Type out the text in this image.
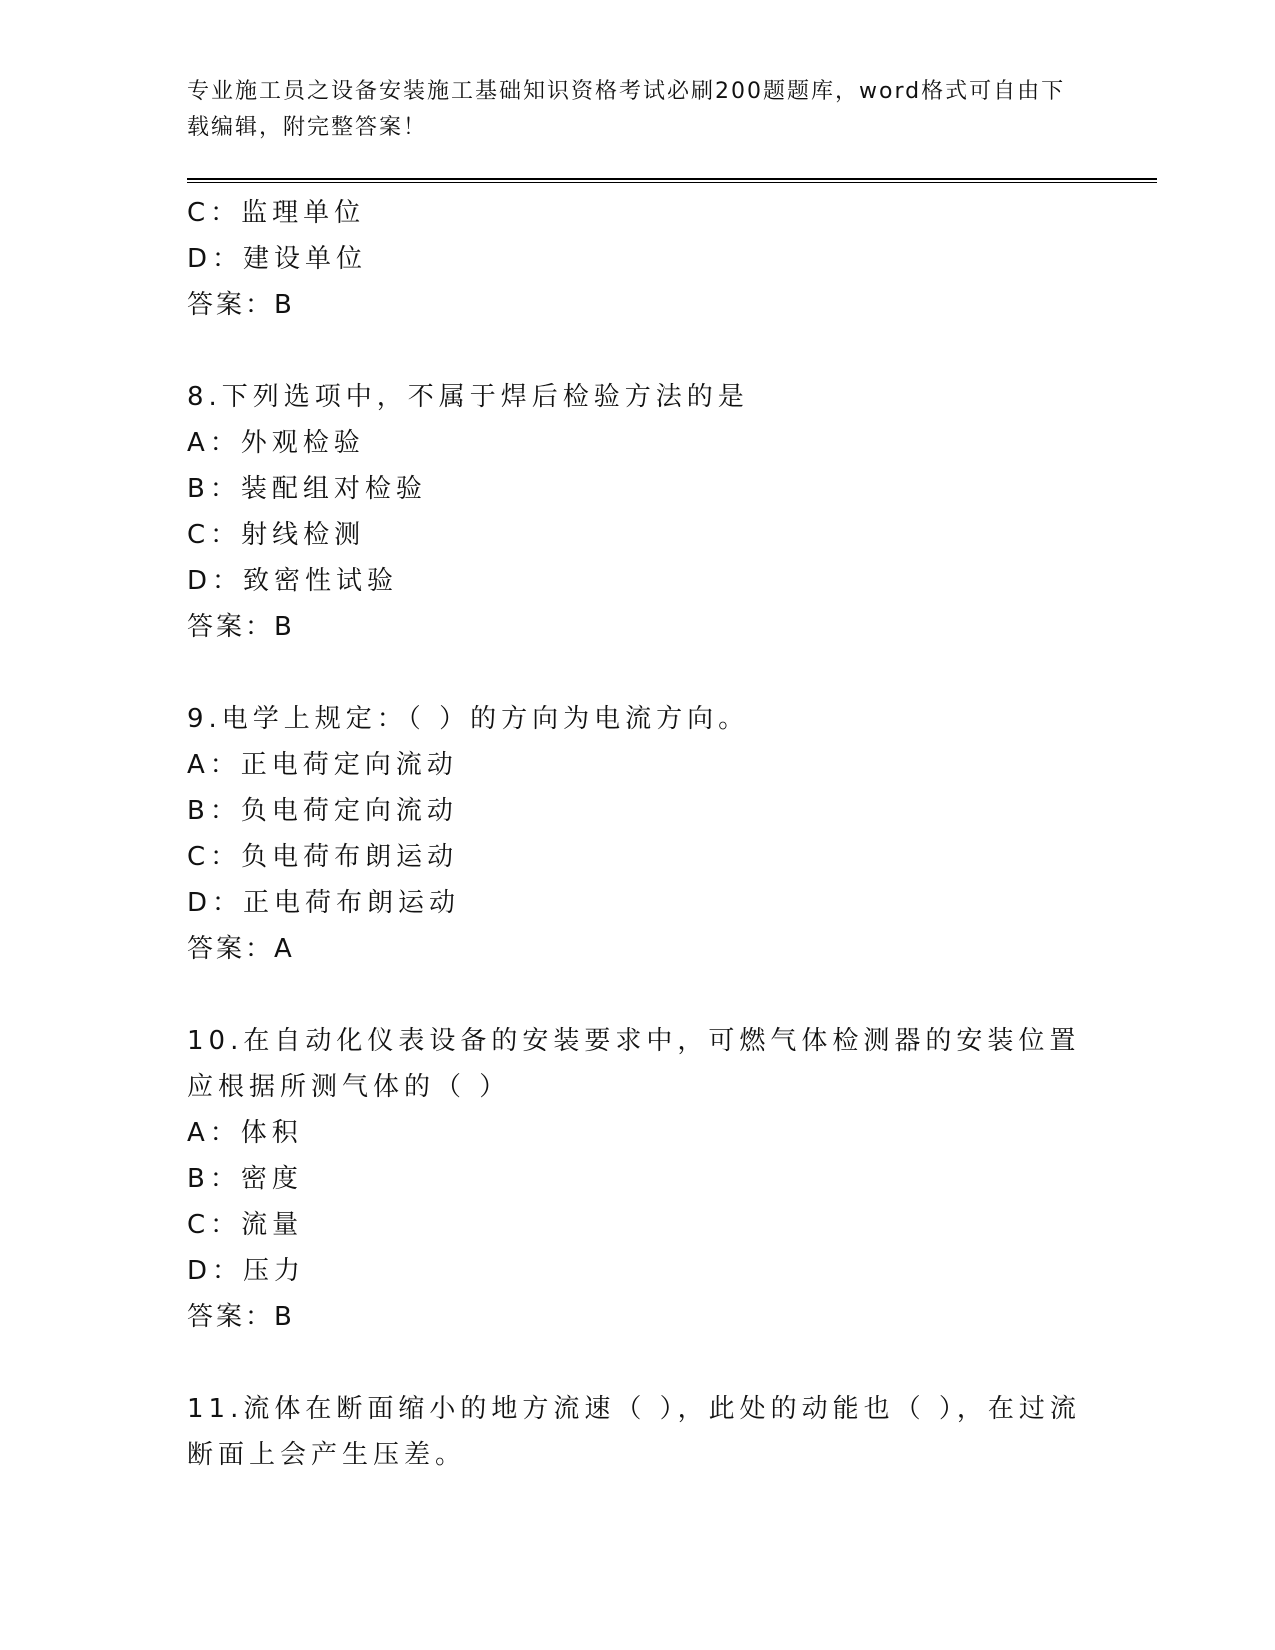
专业施工员之设备安装施工基础知识资格考试必刷200题题库，word格式可自由下载编辑，附完整答案！
C：监理单位
D：建设单位
答案：B
8.下列选项中，不属于焊后检验方法的是
A：外观检验
B：装配组对检验
C：射线检测
D：致密性试验
答案：B
9.电学上规定：（ ）的方向为电流方向。
A：正电荷定向流动
B：负电荷定向流动
C：负电荷布朗运动
D：正电荷布朗运动
答案：A
10.在自动化仪表设备的安装要求中，可燃气体检测器的安装位置应根据所测气体的（ ）
A：体积
B：密度
C：流量
D：压力
答案：B
11.流体在断面缩小的地方流速（ ），此处的动能也（ ），在过流断面上会产生压差。
